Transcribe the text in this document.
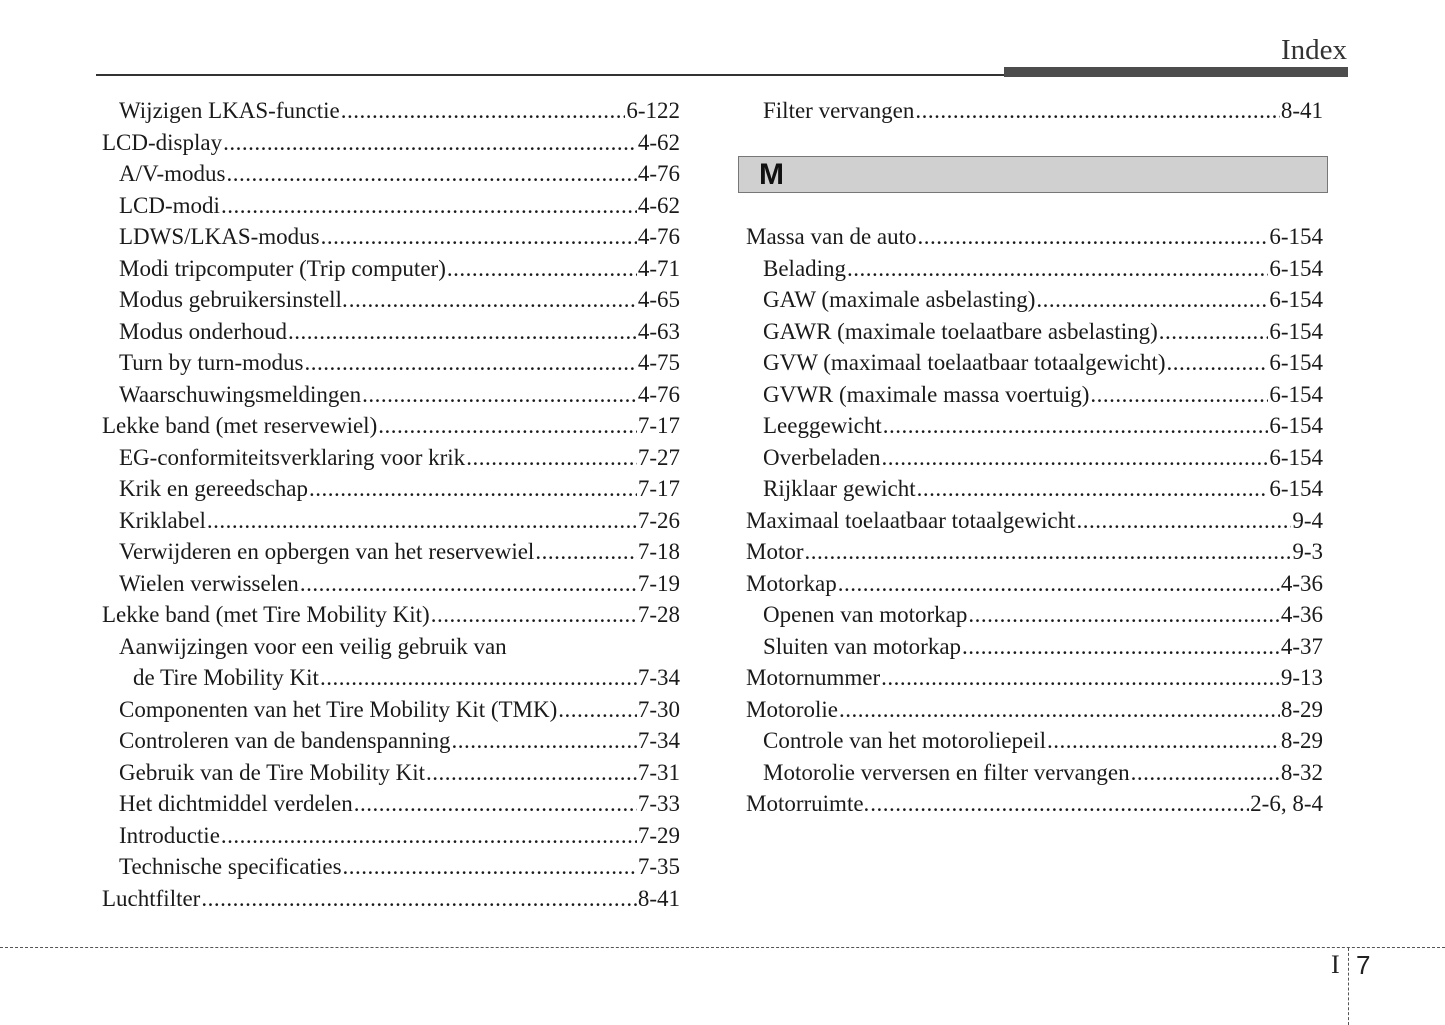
Index
Wijzigen LKAS-functie .....	6-122
LCD-display .....	4-62
A/V-modus .....	4-76
LCD-modi .....	4-62
LDWS/LKAS-modus .....	4-76
Modi tripcomputer (Trip computer) .....	4-71
Modus gebruikersinstell. .....	4-65
Modus onderhoud .....	4-63
Turn by turn-modus .....	4-75
Waarschuwingsmeldingen .....	4-76
Lekke band (met reservewiel) .....	7-17
EG-conformiteitsverklaring voor krik .....	7-27
Krik en gereedschap .....	7-17
Kriklabel .....	7-26
Verwijderen en opbergen van het reservewiel .....	7-18
Wielen verwisselen .....	7-19
Lekke band (met Tire Mobility Kit) .....	7-28
Aanwijzingen voor een veilig gebruik van
de Tire Mobility Kit .....	7-34
Componenten van het Tire Mobility Kit (TMK) .....	7-30
Controleren van de bandenspanning .....	7-34
Gebruik van de Tire Mobility Kit .....	7-31
Het dichtmiddel verdelen .....	7-33
Introductie .....	7-29
Technische specificaties .....	7-35
Luchtfilter .....	8-41
Filter vervangen .....	8-41
M
Massa van de auto .....	6-154
Belading .....	6-154
GAW (maximale asbelasting) .....	6-154
GAWR (maximale toelaatbare asbelasting) .....	6-154
GVW (maximaal toelaatbaar totaalgewicht) .....	6-154
GVWR (maximale massa voertuig) .....	6-154
Leeggewicht .....	6-154
Overbeladen .....	6-154
Rijklaar gewicht .....	6-154
Maximaal toelaatbaar totaalgewicht .....	9-4
Motor .....	9-3
Motorkap .....	4-36
Openen van motorkap .....	4-36
Sluiten van motorkap .....	4-37
Motornummer .....	9-13
Motorolie .....	8-29
Controle van het motoroliepeil .....	8-29
Motorolie verversen en filter vervangen .....	8-32
Motorruimte. .....	2-6, 8-4
I 7
